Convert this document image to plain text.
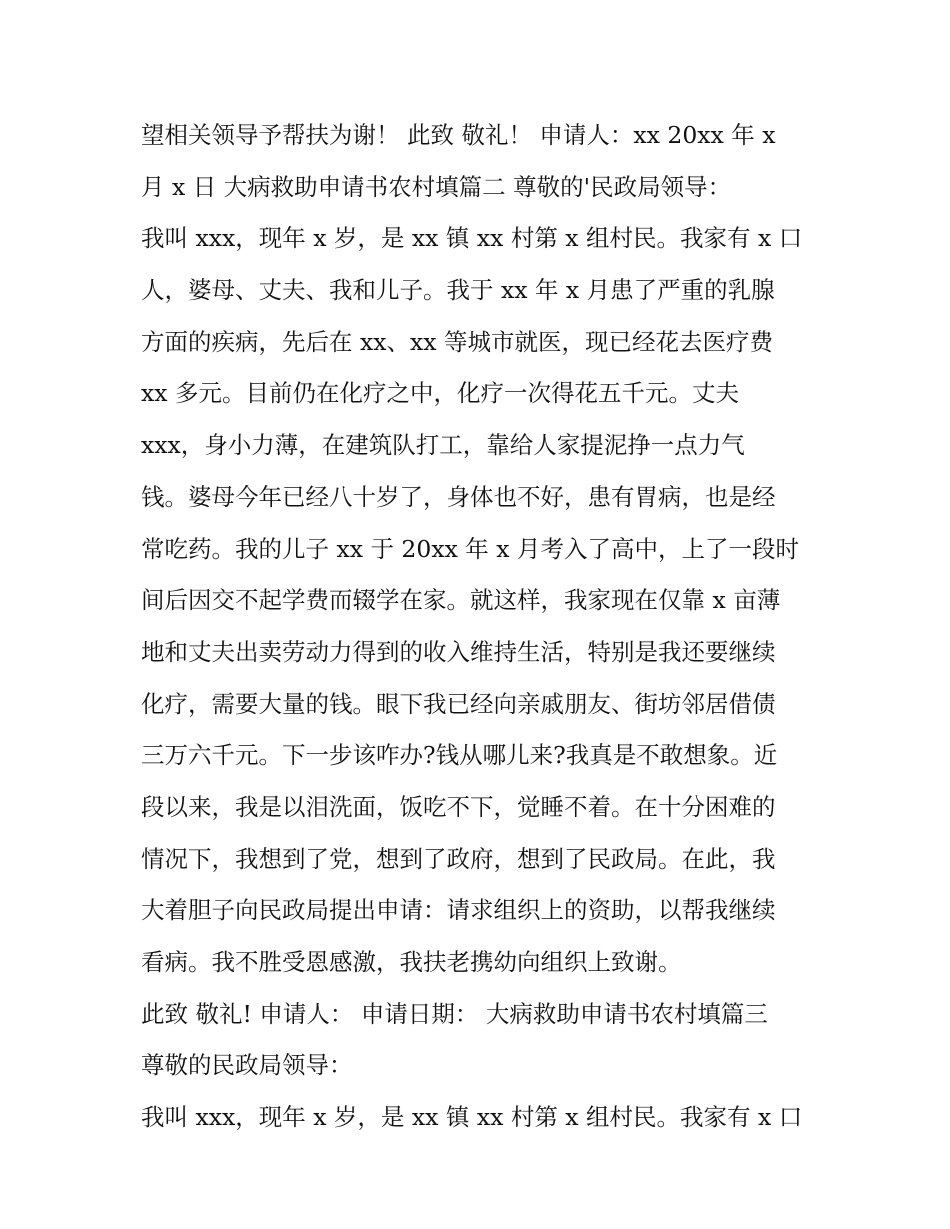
望相关领导予帮扶为谢！ 此致 敬礼！ 申请人：xx 20xx 年 x
月 x 日 大病救助申请书农村填篇二 尊敬的'民政局领导：
我叫 xxx，现年 x 岁，是 xx 镇 xx 村第 x 组村民。我家有 x 口
人，婆母、丈夫、我和儿子。我于 xx 年 x 月患了严重的乳腺
方面的疾病，先后在 xx、xx 等城市就医，现已经花去医疗费
xx 多元。目前仍在化疗之中，化疗一次得花五千元。丈夫
xxx，身小力薄，在建筑队打工，靠给人家提泥挣一点力气
钱。婆母今年已经八十岁了，身体也不好，患有胃病，也是经
常吃药。我的儿子 xx 于 20xx 年 x 月考入了高中，上了一段时
间后因交不起学费而辍学在家。就这样，我家现在仅靠 x 亩薄
地和丈夫出卖劳动力得到的收入维持生活，特别是我还要继续
化疗，需要大量的钱。眼下我已经向亲戚朋友、街坊邻居借债
三万六千元。下一步该咋办?钱从哪儿来?我真是不敢想象。近
段以来，我是以泪洗面，饭吃不下，觉睡不着。在十分困难的
情况下，我想到了党，想到了政府，想到了民政局。在此，我
大着胆子向民政局提出申请：请求组织上的资助，以帮我继续
看病。我不胜受恩感激，我扶老携幼向组织上致谢。
此致 敬礼! 申请人： 申请日期： 大病救助申请书农村填篇三
尊敬的民政局领导：
我叫 xxx，现年 x 岁，是 xx 镇 xx 村第 x 组村民。我家有 x 口
